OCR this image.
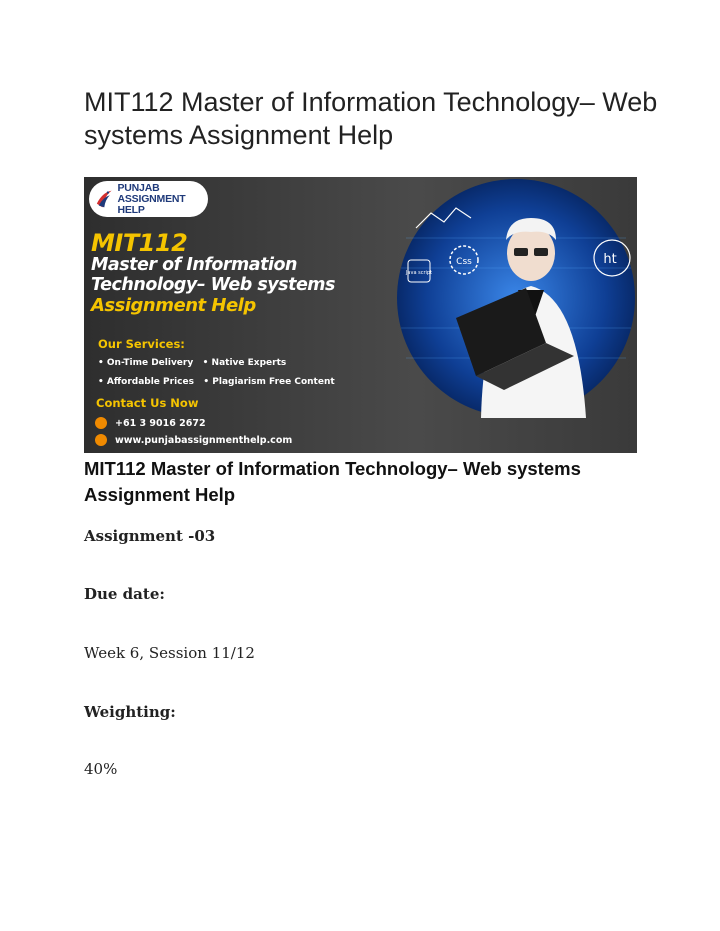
MIT112 Master of Information Technology– Web systems Assignment Help
PUNJAB
ASSIGNMENT HELP
MIT112
Master of Information
Technology– Web systems
Assignment Help
Our Services:
• On-Time Delivery   • Native Experts
• Affordable Prices   • Plagiarism Free Content
Contact Us Now
+61 3 9016 2672
www.punjabassignmenthelp.com
Css
Java script
ht
MIT112 Master of Information Technology– Web systems Assignment Help
Assignment -03
Due date:
Week 6, Session 11/12
Weighting:
40%
